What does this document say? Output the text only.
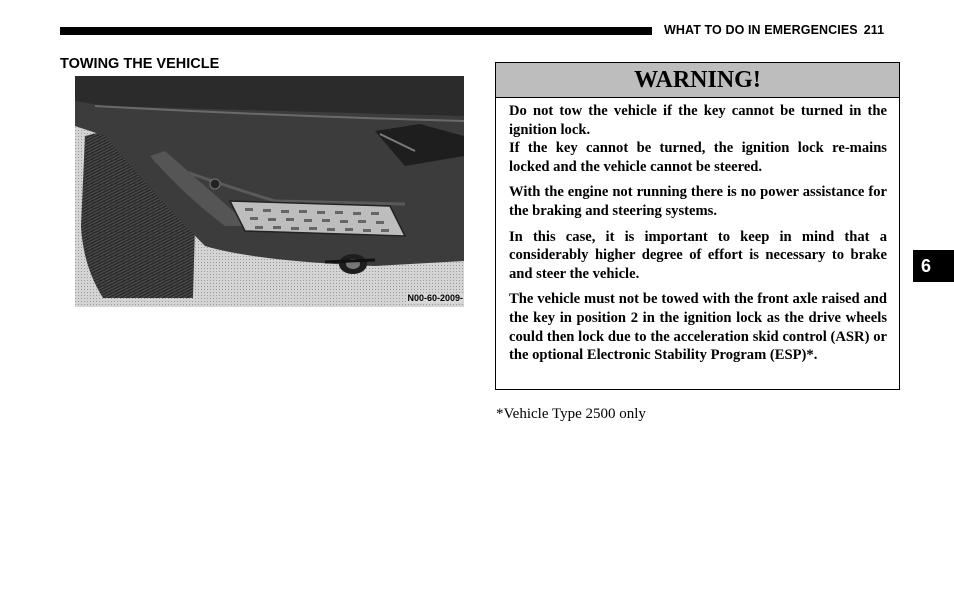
WHAT TO DO IN EMERGENCIES 211
TOWING THE VEHICLE
N00-60-2009-
WARNING!

Do not tow the vehicle if the key cannot be turned in the ignition lock.

If the key cannot be turned, the ignition lock re-mains locked and the vehicle cannot be steered.

With the engine not running there is no power assistance for the braking and steering systems.

In this case, it is important to keep in mind that a considerably higher degree of effort is necessary to brake and steer the vehicle.

The vehicle must not be towed with the front axle raised and the key in position 2 in the ignition lock as the drive wheels could then lock due to the acceleration skid control (ASR) or the optional Electronic Stability Program (ESP)*.

*Vehicle Type 2500 only
6
